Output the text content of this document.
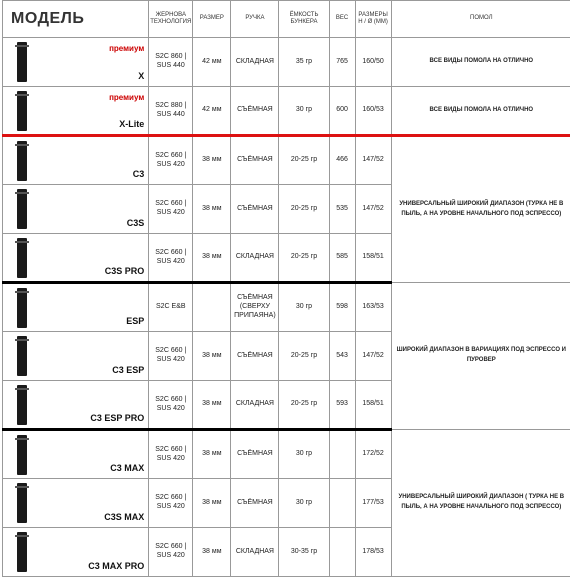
МОДЕЛЬ	ЖЕРНОВА ТЕХНОЛОГИЯ	РАЗМЕР	РУЧКА	ЁМКОСТЬ БУНКЕРА	ВЕС	РАЗМЕРЫ Н / Ø (ММ)	ПОМОЛ

премиум
X	S2C 860 | SUS 440	42 мм	СКЛАДНАЯ	35 гр	765	160/50	ВСЕ ВИДЫ ПОМОЛА НА ОТЛИЧНО

премиум
X-Lite	S2C 880 | SUS 440	42 мм	СЪЁМНАЯ	30 гр	600	160/53	ВСЕ ВИДЫ ПОМОЛА НА ОТЛИЧНО

C3	S2C 660 | SUS 420	38 мм	СЪЁМНАЯ	20-25 гр	466	147/52	УНИВЕРСАЛЬНЫЙ ШИРОКИЙ ДИАПАЗОН (ТУРКА НЕ В ПЫЛЬ, А НА УРОВНЕ НАЧАЛЬНОГО ПОД ЭСПРЕССО)

C3S	S2C 660 | SUS 420	38 мм	СЪЁМНАЯ	20-25 гр	535	147/52	

C3S PRO	S2C 660 | SUS 420	38 мм	СКЛАДНАЯ	20-25 гр	585	158/51	

ESP	S2C E&B		СЪЁМНАЯ (СВЕРХУ ПРИПАЯНА)	30 гр	598	163/53	ШИРОКИЙ ДИАПАЗОН В ВАРИАЦИЯХ ПОД ЭСПРЕССО И ПУРОВЕР

C3 ESP	S2C 660 | SUS 420	38 мм	СЪЁМНАЯ	20-25 гр	543	147/52	

C3 ESP PRO	S2C 660 | SUS 420	38 мм	СКЛАДНАЯ	20-25 гр	593	158/51	

C3 MAX	S2C 660 | SUS 420	38 мм	СЪЁМНАЯ	30 гр		172/52	УНИВЕРСАЛЬНЫЙ ШИРОКИЙ ДИАПАЗОН ( ТУРКА НЕ В ПЫЛЬ, А НА УРОВНЕ НАЧАЛЬНОГО ПОД ЭСПРЕССО)

C3S MAX	S2C 660 | SUS 420	38 мм	СЪЁМНАЯ	30 гр		177/53	

C3 MAX PRO	S2C 660 | SUS 420	38 мм	СКЛАДНАЯ	30-35 гр		178/53	
